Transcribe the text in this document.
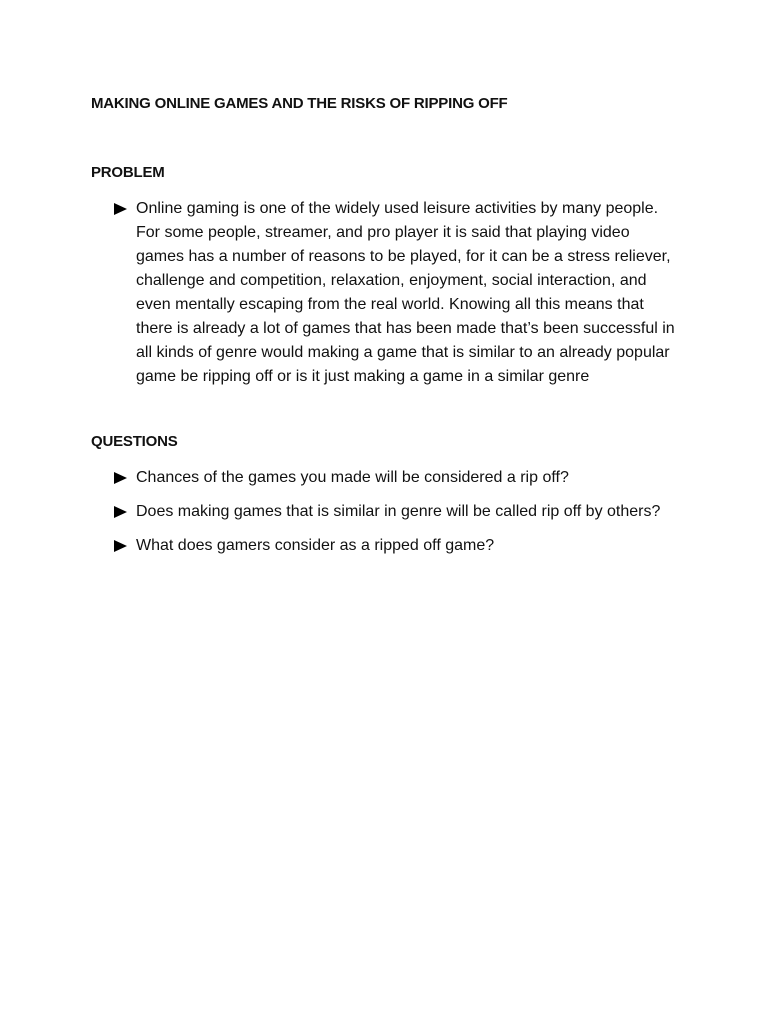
MAKING ONLINE GAMES AND THE RISKS OF RIPPING OFF
PROBLEM
Online gaming is one of the widely used leisure activities by many people. For some people, streamer, and pro player it is said that playing video games has a number of reasons to be played, for it can be a stress reliever, challenge and competition, relaxation, enjoyment, social interaction, and even mentally escaping from the real world. Knowing all this means that there is already a lot of games that has been made that’s been successful in all kinds of genre would making a game that is similar to an already popular game be ripping off or is it just making a game in a similar genre
QUESTIONS
Chances of the games you made will be considered a rip off?
Does making games that is similar in genre will be called rip off by others?
What does gamers consider as a ripped off game?
